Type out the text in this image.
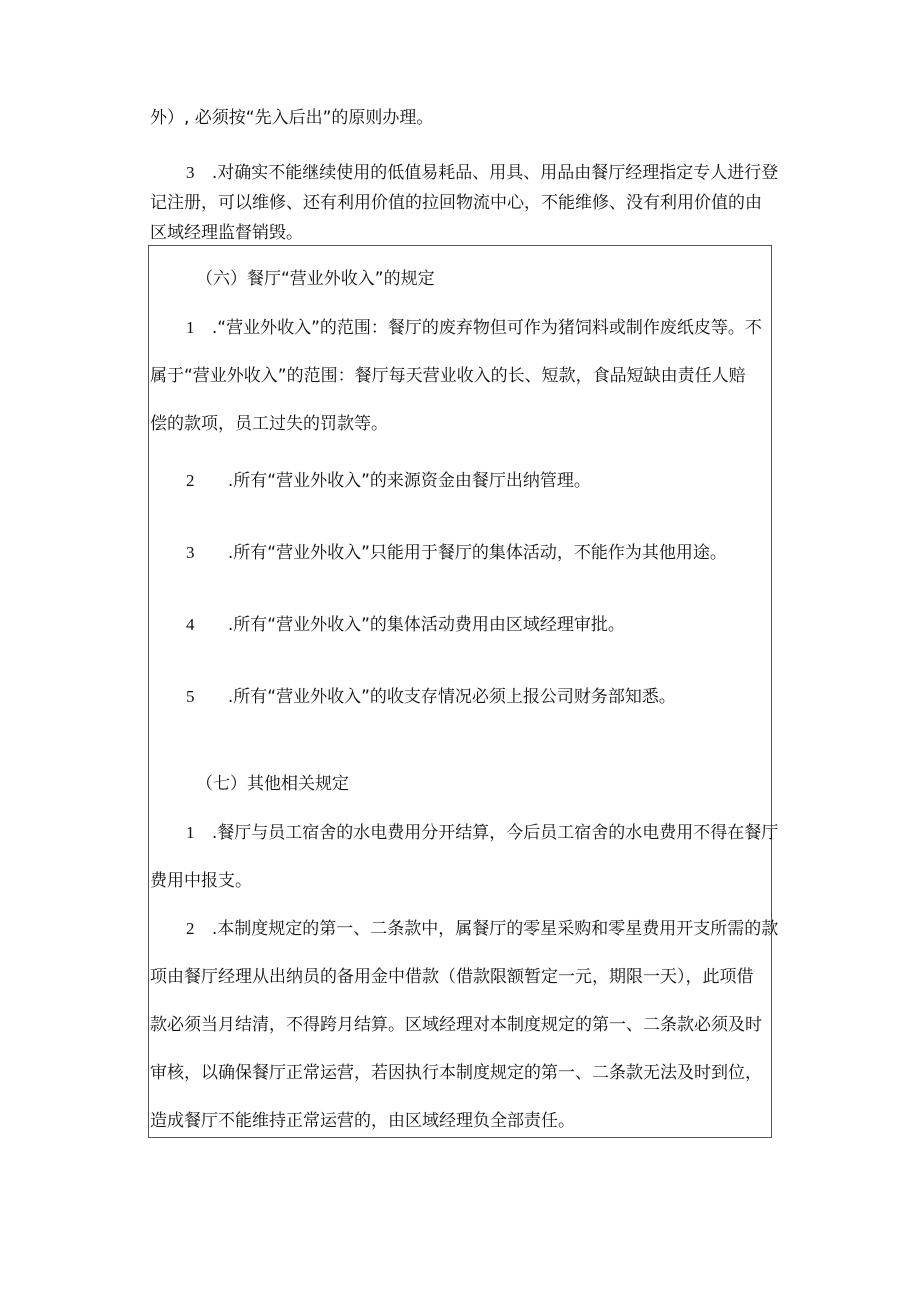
外）, 必须按“先入后出”的原则办理。
3 .对确实不能继续使用的低值易耗品、用具、用品由餐厅经理指定专人进行登
记注册，可以维修、还有利用价值的拉回物流中心，不能维修、没有利用价值的由
区域经理监督销毁。
（六）餐厅“营业外收入”的规定
1 .“营业外收入”的范围：餐厅的废弃物但可作为猪饲料或制作废纸皮等。不
属于“营业外收入”的范围：餐厅每天营业收入的长、短款，食品短缺由责任人赔
偿的款项，员工过失的罚款等。
2 .所有“营业外收入”的来源资金由餐厅出纳管理。
3 .所有“营业外收入”只能用于餐厅的集体活动，不能作为其他用途。
4 .所有“营业外收入”的集体活动费用由区域经理审批。
5 .所有“营业外收入”的收支存情况必须上报公司财务部知悉。
（七）其他相关规定
1 .餐厅与员工宿舍的水电费用分开结算，今后员工宿舍的水电费用不得在餐厅
费用中报支。
2 .本制度规定的第一、二条款中，属餐厅的零星采购和零星费用开支所需的款
项由餐厅经理从出纳员的备用金中借款（借款限额暂定一元，期限一天），此项借
款必须当月结清，不得跨月结算。区域经理对本制度规定的第一、二条款必须及时
审核，以确保餐厅正常运营，若因执行本制度规定的第一、二条款无法及时到位，
造成餐厅不能维持正常运营的，由区域经理负全部责任。
